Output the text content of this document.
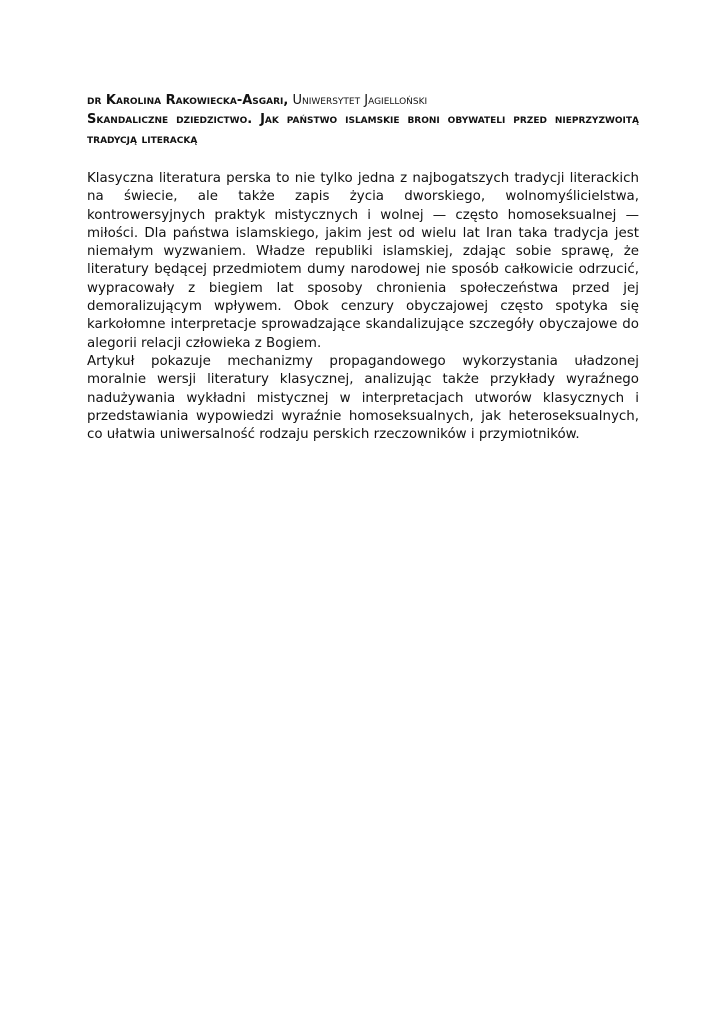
dr Karolina Rakowiecka-Asgari, Uniwersytet Jagielloński

Skandaliczne dziedzictwo. Jak państwo islamskie broni obywateli przed nieprzyzwoitą tradycją literacką

Klasyczna literatura perska to nie tylko jedna z najbogatszych tradycji literackich na świecie, ale także zapis życia dworskiego, wolnomyślicielstwa, kontrowersyjnych praktyk mistycznych i wolnej — często homoseksualnej — miłości. Dla państwa islamskiego, jakim jest od wielu lat Iran taka tradycja jest niemałym wyzwaniem. Władze republiki islamskiej, zdając sobie sprawę, że literatury będącej przedmiotem dumy narodowej nie sposób całkowicie odrzucić, wypracowały z biegiem lat sposoby chronienia społeczeństwa przed jej demoralizującym wpływem. Obok cenzury obyczajowej często spotyka się karkołomne interpretacje sprowadzające skandalizujące szczegóły obyczajowe do alegorii relacji człowieka z Bogiem.

Artykuł pokazuje mechanizmy propagandowego wykorzystania uładzonej moralnie wersji literatury klasycznej, analizując także przykłady wyraźnego nadużywania wykładni mistycznej w interpretacjach utworów klasycznych i przedstawiania wypowiedzi wyraźnie homoseksualnych, jak heteroseksualnych, co ułatwia uniwersalność rodzaju perskich rzeczowników i przymiotników.
